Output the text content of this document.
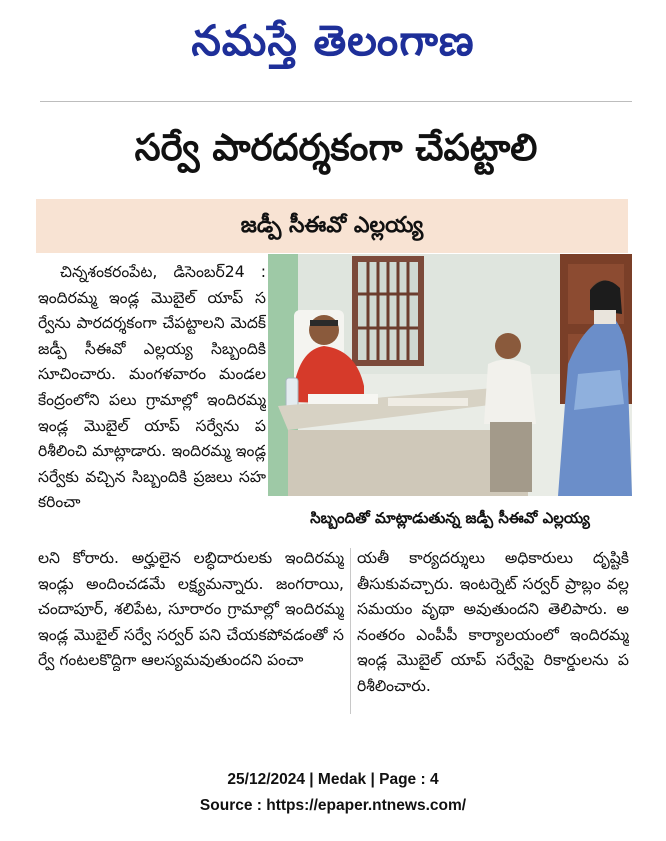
నమస్తే తెలంగాణ
సర్వే పారదర్శకంగా చేపట్టాలి
జడ్పీ సీఈవో ఎల్లయ్య

చిన్నశంకరంపేట, డిసెంబర్24 : ఇందిరమ్మ ఇండ్ల మొబైల్ యాప్ సర్వేను పారదర్శకంగా చేపట్టాలని మెదక్ జడ్పీ సీఈవో ఎల్లయ్య సిబ్బందికి సూచించారు. మంగళవారం మండల కేంద్రంలోని పలు గ్రామాల్లో ఇందిరమ్మ ఇండ్ల మొబైల్ యాప్ సర్వేను పరిశీలించి మాట్లాడారు. ఇందిరమ్మ ఇండ్ల సర్వేకు వచ్చిన సిబ్బందికి ప్రజలు సహకరించా

సిబ్బందితో మాట్లాడుతున్న జడ్పీ సీఈవో ఎల్లయ్య

లని కోరారు. అర్హులైన లబ్ధిదారులకు ఇందిరమ్మ ఇండ్లు అందించడమే లక్ష్యమన్నారు. జంగరాయి, చందాపూర్, శలిపేట, సూరారం గ్రామాల్లో ఇందిరమ్మ ఇండ్ల మొబైల్ సర్వే సర్వర్ పని చేయకపోవడంతో సర్వే గంటలకొద్దిగా ఆలస్యమవుతుందని పంచా

యతీ కార్యదర్శులు అధికారులు దృష్టికి తీసుకువచ్చారు. ఇంటర్నెట్ సర్వర్ ప్రాబ్లం వల్ల సమయం వృథా అవుతుందని తెలిపారు. అనంతరం ఎంపీపీ కార్యాలయంలో ఇందిరమ్మ ఇండ్ల మొబైల్ యాప్ సర్వేపై రికార్డులను పరిశీలించారు.

25/12/2024 | Medak | Page : 4
Source : https://epaper.ntnews.com/
